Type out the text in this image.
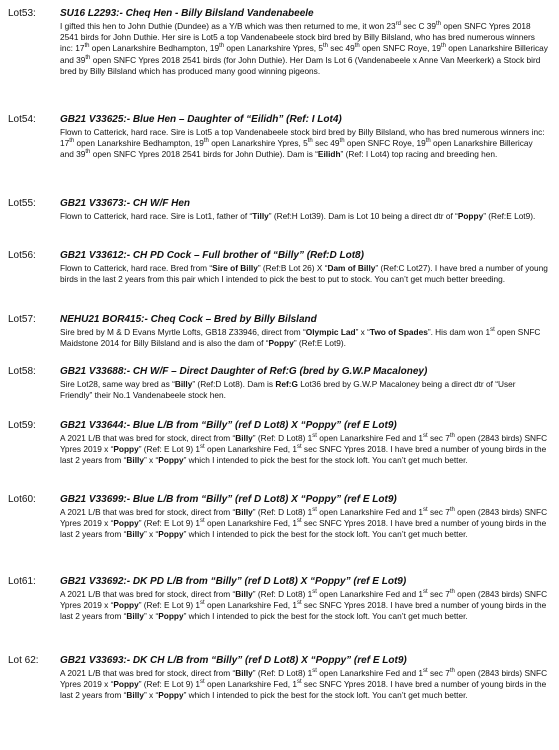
Lot53: SU16 L2293:- Cheq Hen - Billy Bilsland Vandenabeele
I gifted this hen to John Duthie (Dundee) as a Y/B which was then returned to me, it won 23rd sec C 39th open SNFC Ypres 2018 2541 birds for John Duthie. Her sire is Lot5 a top Vandenabeele stock bird bred by Billy Bilsland, who has bred numerous winners inc: 17th open Lanarkshire Bedhampton, 19th open Lanarkshire Ypres, 5th sec 49th open SNFC Roye, 19th open Lanarkshire Billericay and 39th open SNFC Ypres 2018 2541 birds (for John Duthie). Her Dam Is Lot 6 (Vandenabeele x Anne Van Meerkerk) a Stock bird bred by Billy Bilsland which has produced many good winning pigeons.
Lot54: GB21 V33625:- Blue Hen – Daughter of “Eilidh” (Ref: I Lot4)
Flown to Catterick, hard race. Sire is Lot5 a top Vandenabeele stock bird bred by Billy Bilsland, who has bred numerous winners inc: 17th open Lanarkshire Bedhampton, 19th open Lanarkshire Ypres, 5th sec 49th open SNFC Roye, 19th open Lanarkshire Billericay and 39th open SNFC Ypres 2018 2541 birds for John Duthie). Dam is “Eilidh” (Ref: I Lot4) top racing and breeding hen.
Lot55: GB21 V33673:- CH W/F Hen
Flown to Catterick, hard race. Sire is Lot1, father of “Tilly” (Ref:H Lot39). Dam is Lot 10 being a direct dtr of “Poppy” (Ref:E Lot9).
Lot56: GB21 V33612:- CH PD Cock – Full brother of “Billy” (Ref:D Lot8)
Flown to Catterick, hard race. Bred from “Sire of Billy” (Ref:B Lot 26) X “Dam of Billy” (Ref:C Lot27). I have bred a number of young birds in the last 2 years from this pair which I intended to pick the best to put to stock. You can’t get much better breeding.
Lot57: NEHU21 BOR415:- Cheq Cock – Bred by Billy Bilsland
Sire bred by M & D Evans Myrtle Lofts, GB18 Z33946, direct from “Olympic Lad” x “Two of Spades”. His dam won 1st open SNFC Maidstone 2014 for Billy Bilsland and is also the dam of “Poppy” (Ref:E Lot9).
Lot58: GB21 V33688:- CH W/F – Direct Daughter of Ref:G (bred by G.W.P Macaloney)
Sire Lot28, same way bred as “Billy” (Ref:D Lot8). Dam is Ref:G Lot36 bred by G.W.P Macaloney being a direct dtr of “User Friendly” their No.1 Vandenabeele stock hen.
Lot59: GB21 V33644:- Blue L/B from “Billy” (ref D Lot8) X “Poppy” (ref E Lot9)
A 2021 L/B that was bred for stock, direct from “Billy” (Ref: D Lot8) 1st open Lanarkshire Fed and 1st sec 7th open (2843 birds) SNFC Ypres 2019 x “Poppy” (Ref: E Lot 9) 1st open Lanarkshire Fed, 1st sec SNFC Ypres 2018. I have bred a number of young birds in the last 2 years from “Billy” x “Poppy” which I intended to pick the best for the stock loft. You can’t get much better.
Lot60: GB21 V33699:- Blue L/B from “Billy” (ref D Lot8) X “Poppy” (ref E Lot9)
A 2021 L/B that was bred for stock, direct from “Billy” (Ref: D Lot8) 1st open Lanarkshire Fed and 1st sec 7th open (2843 birds) SNFC Ypres 2019 x “Poppy” (Ref: E Lot 9) 1st open Lanarkshire Fed, 1st sec SNFC Ypres 2018. I have bred a number of young birds in the last 2 years from “Billy” x “Poppy” which I intended to pick the best for the stock loft. You can’t get much better.
Lot61: GB21 V33692:- DK PD L/B from “Billy” (ref D Lot8) X “Poppy” (ref E Lot9)
A 2021 L/B that was bred for stock, direct from “Billy” (Ref: D Lot8) 1st open Lanarkshire Fed and 1st sec 7th open (2843 birds) SNFC Ypres 2019 x “Poppy” (Ref: E Lot 9) 1st open Lanarkshire Fed, 1st sec SNFC Ypres 2018. I have bred a number of young birds in the last 2 years from “Billy” x “Poppy” which I intended to pick the best for the stock loft. You can’t get much better.
Lot 62: GB21 V33693:- DK CH L/B from “Billy” (ref D Lot8) X “Poppy” (ref E Lot9)
A 2021 L/B that was bred for stock, direct from “Billy” (Ref: D Lot8) 1st open Lanarkshire Fed and 1st sec 7th open (2843 birds) SNFC Ypres 2019 x “Poppy” (Ref: E Lot 9) 1st open Lanarkshire Fed, 1st sec SNFC Ypres 2018. I have bred a number of young birds in the last 2 years from “Billy” x “Poppy” which I intended to pick the best for the stock loft. You can’t get much better.
